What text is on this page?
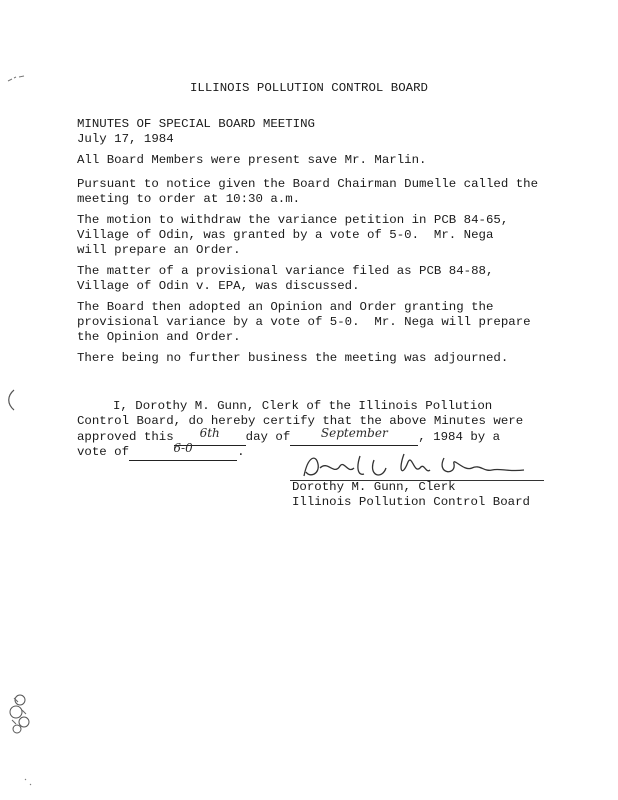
ILLINOIS POLLUTION CONTROL BOARD
MINUTES OF SPECIAL BOARD MEETING
July 17, 1984
All Board Members were present save Mr. Marlin.
Pursuant to notice given the Board Chairman Dumelle called the
meeting to order at 10:30 a.m.
The motion to withdraw the variance petition in PCB 84-65,
Village of Odin, was granted by a vote of 5-0.  Mr. Nega
will prepare an Order.
The matter of a provisional variance filed as PCB 84-88,
Village of Odin v. EPA, was discussed.
The Board then adopted an Opinion and Order granting the
provisional variance by a vote of 5-0.  Mr. Nega will prepare
the Opinion and Order.
There being no further business the meeting was adjourned.
I, Dorothy M. Gunn, Clerk of the Illinois Pollution
Control Board, do hereby certify that the above Minutes were
approved this 6th day of	September , 1984 by a
vote of	6-0	.
Dorothy M. Gunn, Clerk
Illinois Pollution Control Board
